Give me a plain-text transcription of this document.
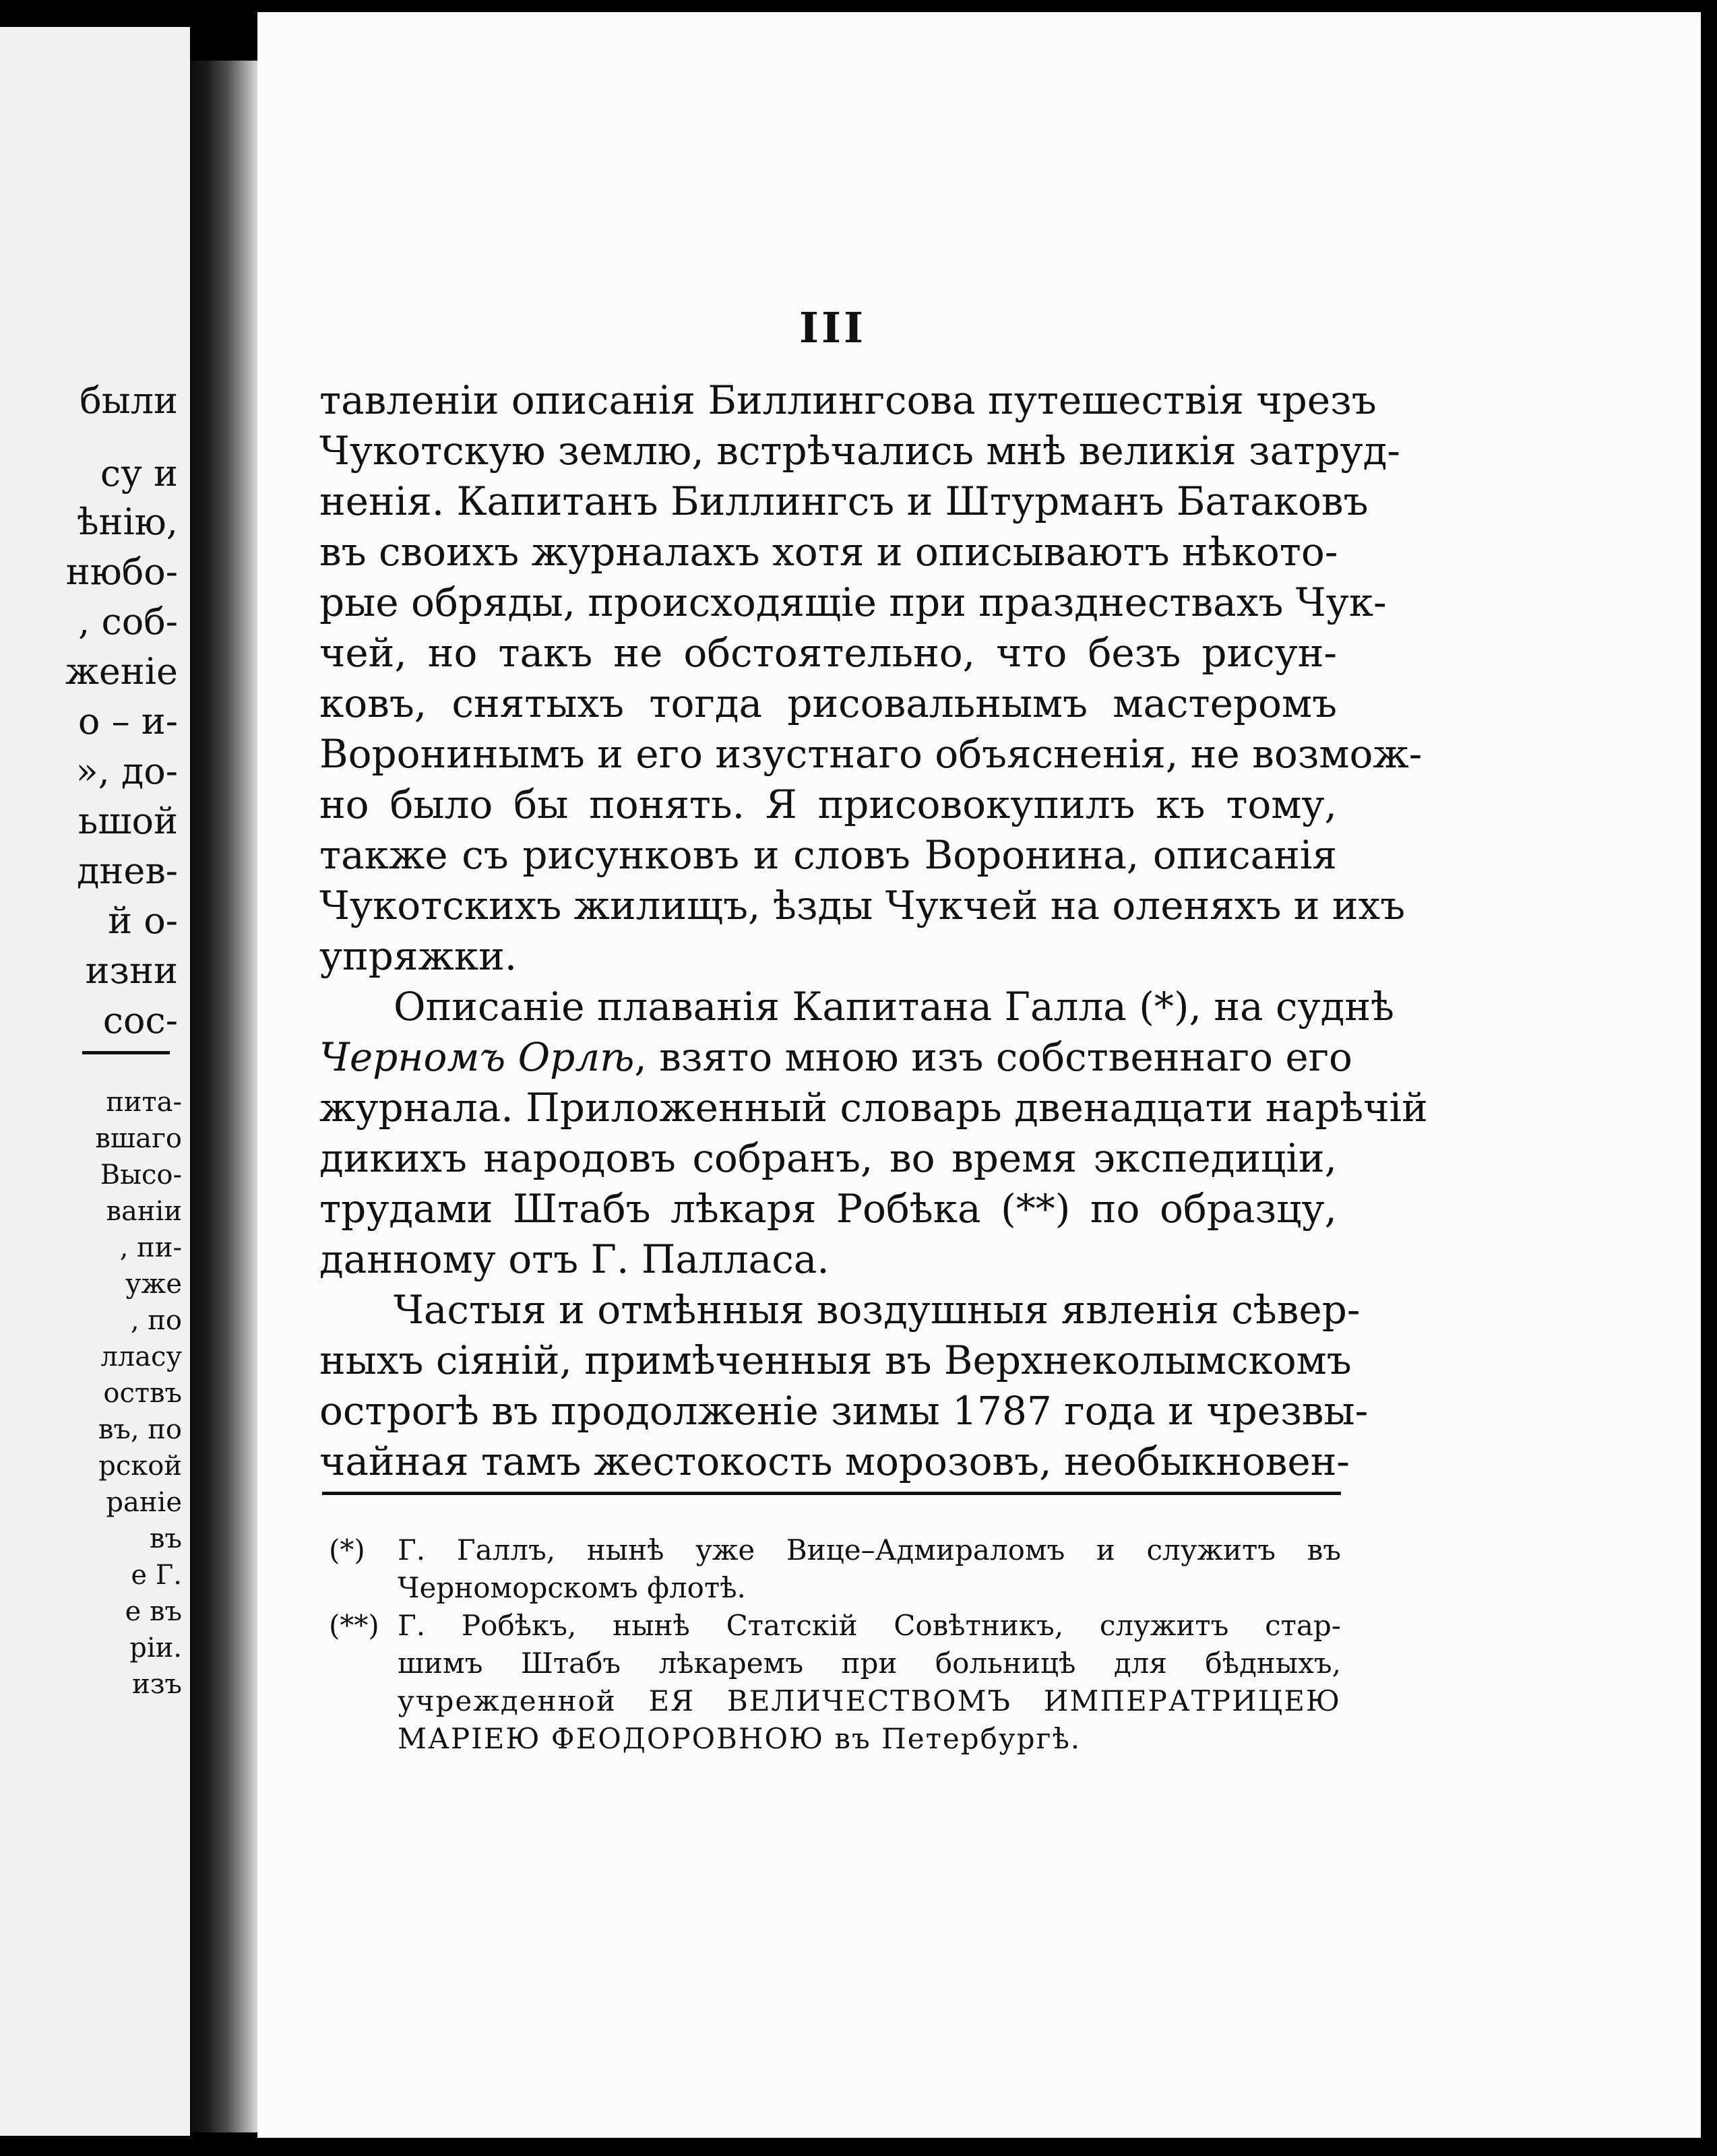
были
су и
ѣнію,
нюбо-
, соб-
женіе
о – и-
», до-
ьшой
днев-
й о-
изни
сос-
пита-
вшаго
Высо-
ваніи
, пи-
уже
, по
лласу
оствъ
въ, по
рской
раніе
въ
е Г.
е въ
ріи.
изъ
III
тавленіи описанія Биллингсова путешествія чрезъ
Чукотскую землю, встрѣчались мнѣ великія затруд-
ненія. Капитанъ Биллингсъ и Штурманъ Батаковъ
въ своихъ журналахъ хотя и описываютъ нѣкото-
рые обряды, происходящіе при празднествахъ Чук-
чей, но такъ не обстоятельно, что безъ рисун-
ковъ, снятыхъ тогда рисовальнымъ мастеромъ
Воронинымъ и его изустнаго объясненія, не возмож-
но было бы понять. Я присовокупилъ къ тому,
также съ рисунковъ и словъ Воронина, описанія
Чукотскихъ жилищъ, ѣзды Чукчей на оленяхъ и ихъ
упряжки.
Описаніе плаванія Капитана Галла (*), на суднѣ
Черномъ Орлѣ, взято мною изъ собственнаго его
журнала. Приложенный словарь двенадцати нарѣчій
дикихъ народовъ собранъ, во время экспедиціи,
трудами Штабъ лѣкаря Робѣка (**) по образцу,
данному отъ Г. Палласа.
Частыя и отмѣнныя воздушныя явленія сѣвер-
ныхъ сіяній, примѣченныя въ Верхнеколымскомъ
острогѣ въ продолженіе зимы 1787 года и чрезвы-
чайная тамъ жестокость морозовъ, необыкновен-
(*) Г. Галлъ, нынѣ уже Вице–Адмираломъ и служитъ въ
Черноморскомъ флотѣ.
(**) Г. Робѣкъ, нынѣ Статскій Совѣтникъ, служитъ стар-
шимъ Штабъ лѣкаремъ при больницѣ для бѣдныхъ,
учрежденной ЕЯ ВЕЛИЧЕСТВОМЪ ИМПЕРАТРИЦЕЮ
МАРІЕЮ ФЕОДОРОВНОЮ въ Петербургѣ.
